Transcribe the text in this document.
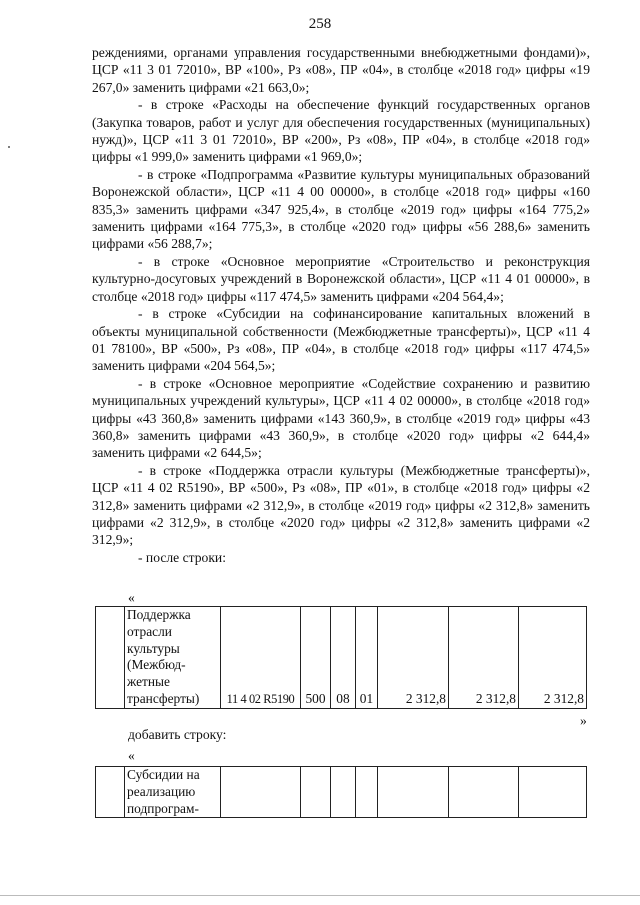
258

реждениями, органами управления государственными внебюджетными фондами)», ЦСР «11 3 01 72010», ВР «100», Рз «08», ПР «04», в столбце «2018 год» цифры «19 267,0» заменить цифрами «21 663,0»;

- в строке «Расходы на обеспечение функций государственных органов (Закупка товаров, работ и услуг для обеспечения государственных (муниципальных) нужд)», ЦСР «11 3 01 72010», ВР «200», Рз «08», ПР «04», в столбце «2018 год» цифры «1 999,0» заменить цифрами «1 969,0»;

- в строке «Подпрограмма «Развитие культуры муниципальных образований Воронежской области», ЦСР «11 4 00 00000», в столбце «2018 год» цифры «160 835,3» заменить цифрами «347 925,4», в столбце «2019 год» цифры «164 775,2» заменить цифрами «164 775,3», в столбце «2020 год» цифры «56 288,6» заменить цифрами «56 288,7»;

- в строке «Основное мероприятие «Строительство и реконструкция культурно-досуговых учреждений в Воронежской области», ЦСР «11 4 01 00000», в столбце «2018 год» цифры «117 474,5» заменить цифрами «204 564,4»;

- в строке «Субсидии на софинансирование капитальных вложений в объекты муниципальной собственности (Межбюджетные трансферты)», ЦСР «11 4 01 78100», ВР «500», Рз «08», ПР «04», в столбце «2018 год» цифры «117 474,5» заменить цифрами «204 564,5»;

- в строке «Основное мероприятие «Содействие сохранению и развитию муниципальных учреждений культуры», ЦСР «11 4 02 00000», в столбце «2018 год» цифры «43 360,8» заменить цифрами «143 360,9», в столбце «2019 год» цифры «43 360,8» заменить цифрами «43 360,9», в столбце «2020 год» цифры «2 644,4» заменить цифрами «2 644,5»;

- в строке «Поддержка отрасли культуры (Межбюджетные трансферты)», ЦСР «11 4 02 R5190», ВР «500», Рз «08», ПР «01», в столбце «2018 год» цифры «2 312,8» заменить цифрами «2 312,9», в столбце «2019 год» цифры «2 312,8» заменить цифрами «2 312,9», в столбце «2020 год» цифры «2 312,8» заменить цифрами «2 312,9»;

- после строки:

«

Поддержка
отрасли
культуры
(Межбюд-
жетные
трансферты)	11 4 02 R5190	500	08	01	2 312,8	2 312,8	2 312,8
»
добавить строку:
«

Субсидии на
реализацию
подпрограм-
